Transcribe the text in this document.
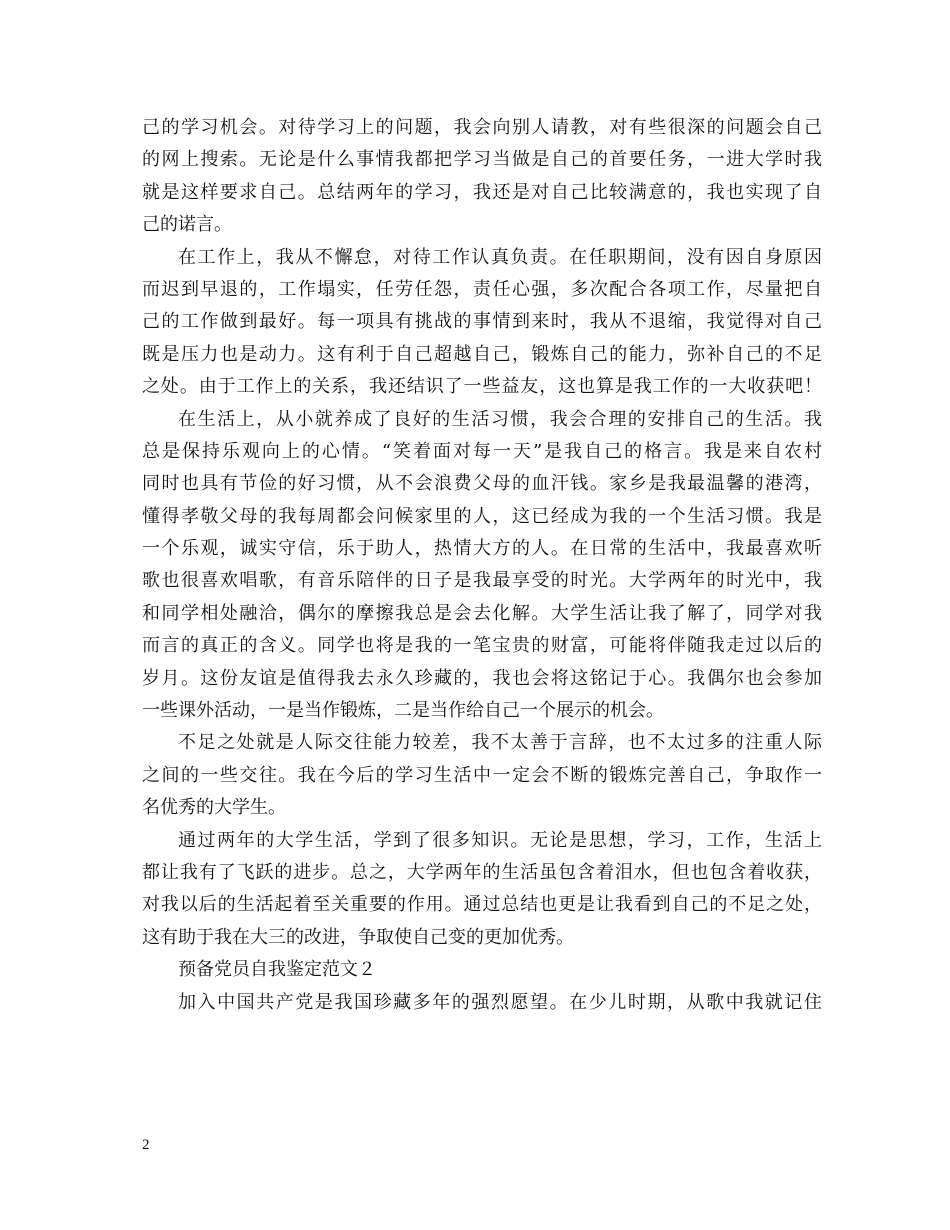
己的学习机会。对待学习上的问题，我会向别人请教，对有些很深的问题会自己
的网上搜索。无论是什么事情我都把学习当做是自己的首要任务，一进大学时我
就是这样要求自己。总结两年的学习，我还是对自己比较满意的，我也实现了自
己的诺言。
在工作上，我从不懈怠，对待工作认真负责。在任职期间，没有因自身原因
而迟到早退的，工作塌实，任劳任怨，责任心强，多次配合各项工作，尽量把自
己的工作做到最好。每一项具有挑战的事情到来时，我从不退缩，我觉得对自己
既是压力也是动力。这有利于自己超越自己，锻炼自己的能力，弥补自己的不足
之处。由于工作上的关系，我还结识了一些益友，这也算是我工作的一大收获吧！
在生活上，从小就养成了良好的生活习惯，我会合理的安排自己的生活。我
总是保持乐观向上的心情。“笑着面对每一天”是我自己的格言。我是来自农村
同时也具有节俭的好习惯，从不会浪费父母的血汗钱。家乡是我最温馨的港湾，
懂得孝敬父母的我每周都会问候家里的人，这已经成为我的一个生活习惯。我是
一个乐观，诚实守信，乐于助人，热情大方的人。在日常的生活中，我最喜欢听
歌也很喜欢唱歌，有音乐陪伴的日子是我最享受的时光。大学两年的时光中，我
和同学相处融洽，偶尔的摩擦我总是会去化解。大学生活让我了解了，同学对我
而言的真正的含义。同学也将是我的一笔宝贵的财富，可能将伴随我走过以后的
岁月。这份友谊是值得我去永久珍藏的，我也会将这铭记于心。我偶尔也会参加
一些课外活动，一是当作锻炼，二是当作给自己一个展示的机会。
不足之处就是人际交往能力较差，我不太善于言辞，也不太过多的注重人际
之间的一些交往。我在今后的学习生活中一定会不断的锻炼完善自己，争取作一
名优秀的大学生。
通过两年的大学生活，学到了很多知识。无论是思想，学习，工作，生活上
都让我有了飞跃的进步。总之，大学两年的生活虽包含着泪水，但也包含着收获，
对我以后的生活起着至关重要的作用。通过总结也更是让我看到自己的不足之处，
这有助于我在大三的改进，争取使自己变的更加优秀。
预备党员自我鉴定范文２
加入中国共产党是我国珍藏多年的强烈愿望。在少儿时期，从歌中我就记住
2
